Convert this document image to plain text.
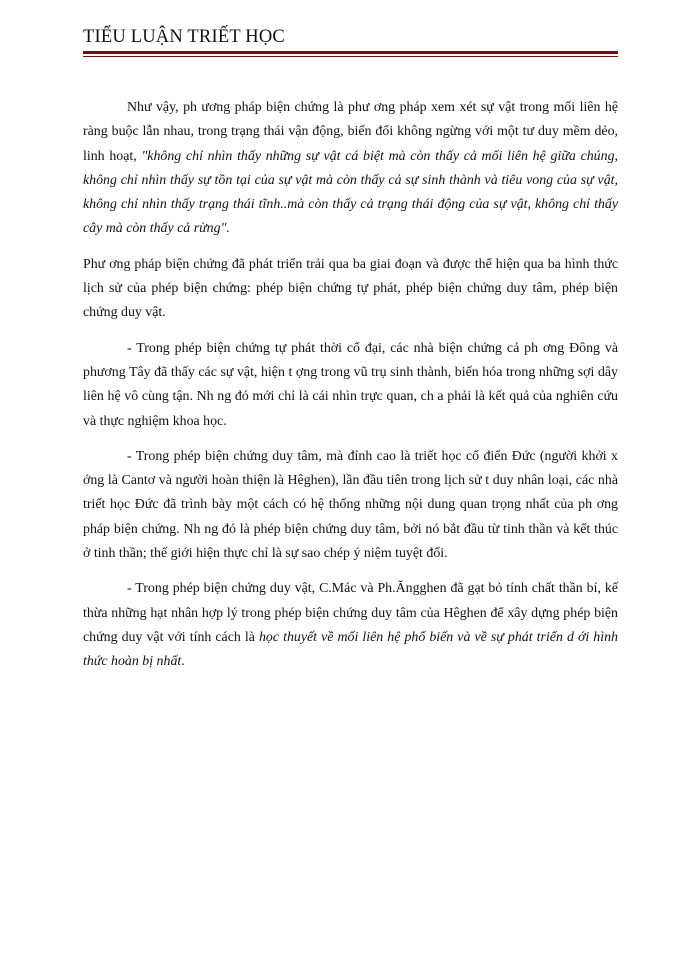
TIỂU LUẬN TRIẾT HỌC

Như vậy, ph ương pháp biện chứng là phư ơng pháp xem xét sự vật trong mối liên hệ ràng buộc lẫn nhau, trong trạng thái vận động, biến đổi không ngừng với một tư duy mềm dẻo, linh hoạt, "không chỉ nhìn thấy những sự vật cá biệt mà còn thấy cả mối liên hệ giữa chúng, không chỉ nhìn thấy sự tồn tại của sự vật mà còn thấy cả sự sinh thành và tiêu vong của sự vật, không chỉ nhìn thấy trạng thái tĩnh..mà còn thấy cả trạng thái động của sự vật, không chỉ thấy cây mà còn thấy cả rừng".

Phư ơng pháp biện chứng đã phát triển trải qua ba giai đoạn và được thể hiện qua ba hình thức lịch sử của phép biện chứng: phép biện chứng tự phát, phép biện chứng duy tâm, phép biện chứng duy vật.

- Trong phép biện chứng tự phát thời cổ đại, các nhà biện chứng cả ph ơng Đông và phương Tây đã thấy các sự vật, hiện t ợng trong vũ trụ sinh thành, biến hóa trong những sợi dây liên hệ vô cùng tận. Nh ng đó mới chỉ là cái nhìn trực quan, ch a phải là kết quả của nghiên cứu và thực nghiệm khoa học.

- Trong phép biện chứng duy tâm, mà đỉnh cao là triết học cổ điển Đức (người khởi x ớng là Cantơ và người hoàn thiện là Hêghen), lần đầu tiên trong lịch sử t duy nhân loại, các nhà triết học Đức đã trình bày một cách có hệ thống những nội dung quan trọng nhất của ph ơng pháp biện chứng. Nh ng đó là phép biện chứng duy tâm, bởi nó bắt đầu từ tinh thần và kết thúc ở tinh thần; thế giới hiện thực chỉ là sự sao chép ý niệm tuyệt đối.

- Trong phép biện chứng duy vật, C.Mác và Ph.Ăngghen đã gạt bỏ tính chất thần bí, kế thừa những hạt nhân hợp lý trong phép biện chứng duy tâm của Hêghen để xây dựng phép biện chứng duy vật với tính cách là học thuyết về mối liên hệ phổ biến và về sự phát triển d ới hình thức hoàn bị nhất.
